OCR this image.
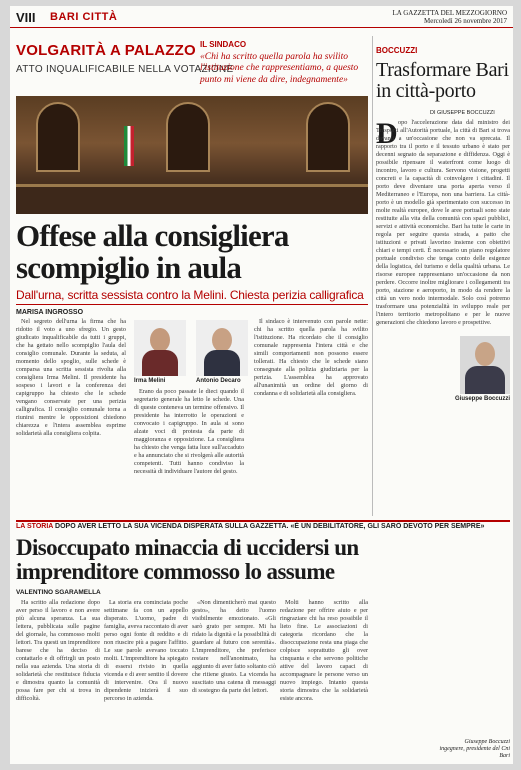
VIII BARI CITTÀ	LA GAZZETTA DEL MEZZOGIORNO
Mercoledì 26 novembre 2017
VOLGARITÀ A PALAZZO
ATTO INQUALIFICABILE NELLA VOTAZIONE
IL SINDACO
«Chi ha scritto quella parola ha svilito l'istituzione che rappresentiamo, a questo punto mi viene da dire, indegnamente»
Offese alla consigliera scompiglio in aula
Dall'urna, scritta sessista contro la Melini. Chiesta perizia calligrafica
MARISA INGROSSO

Nel segreto dell'urna la firma che ha ridotto il voto a uno sfregio. Un gesto giudicato inqualificabile da tutti i gruppi, che ha gettato nello scompiglio l'aula del consiglio comunale. Durante la seduta, al momento dello spoglio, sulle schede è comparsa una scritta sessista rivolta alla consigliera Irma Melini. Il presidente ha sospeso i lavori e la conferenza dei capigruppo ha chiesto che le schede vengano conservate per una perizia calligrafica. Il consiglio comunale torna a riunirsi mentre le opposizioni chiedono chiarezza e l'intera assemblea esprime solidarietà alla consigliera colpita.

Irma Melini

Erano da poco passate le dieci quando il segretario generale ha letto le schede. Una di queste conteneva un termine offensivo. Il presidente ha interrotto le operazioni e convocato i capigruppo. In aula si sono alzate voci di protesta da parte di maggioranza e opposizione. La consigliera ha chiesto che venga fatta luce sull'accaduto e ha annunciato che si rivolgerà alle autorità competenti. Tutti hanno condiviso la necessità di individuare l'autore del gesto.

Antonio Decaro

Il sindaco è intervenuto con parole nette: chi ha scritto quella parola ha svilito l'istituzione. Ha ricordato che il consiglio comunale rappresenta l'intera città e che simili comportamenti non possono essere tollerati. Ha chiesto che le schede siano consegnate alla polizia giudiziaria per la perizia. L'assemblea ha approvato all'unanimità un ordine del giorno di condanna e di solidarietà alla consigliera.

BOCCUZZI
Trasformare Bari in città-porto
DI GIUSEPPE BOCCUZZI
D opo l'accelerazione data dal ministro dei Trasporti all'Autorità portuale, la città di Bari si trova davanti a un'occasione che non va sprecata. Il rapporto tra il porto e il tessuto urbano è stato per decenni segnato da separazione e diffidenza. Oggi è possibile ripensare il waterfront come luogo di incontro, lavoro e cultura. Servono visione, progetti concreti e la capacità di coinvolgere i cittadini. Il porto deve diventare una porta aperta verso il Mediterraneo e l'Europa, non una barriera. La città-porto è un modello già sperimentato con successo in molte realtà europee, dove le aree portuali sono state restituite alla vita della comunità con spazi pubblici, servizi e attività economiche. Bari ha tutte le carte in regola per seguire questa strada, a patto che istituzioni e privati lavorino insieme con obiettivi chiari e tempi certi. È necessario un piano regolatore portuale condiviso che tenga conto delle esigenze della logistica, del turismo e della qualità urbana. Le risorse europee rappresentano un'occasione da non perdere. Occorre inoltre migliorare i collegamenti tra porto, stazione e aeroporto, in modo da rendere la città un vero nodo intermodale. Solo così potremo trasformare una potenzialità in sviluppo reale per l'intero territorio metropolitano e per le nuove generazioni che chiedono lavoro e prospettive.

Giuseppe Boccuzzi
LA STORIA DOPO AVER LETTO LA SUA VICENDA DISPERATA SULLA GAZZETTA. «È UN DEBILITATORE, GLI SARÒ DEVOTO PER SEMPRE»
Disoccupato minaccia di uccidersi un imprenditore commosso lo assume
VALENTINO SGARAMELLA

Ha scritto alla redazione dopo aver perso il lavoro e non avere più alcuna speranza. La sua lettera, pubblicata sulle pagine del giornale, ha commosso molti lettori. Tra questi un imprenditore barese che ha deciso di contattarlo e di offrirgli un posto nella sua azienda. Una storia di solidarietà che restituisce fiducia e dimostra quanto la comunità possa fare per chi si trova in difficoltà.

La storia era cominciata poche settimane fa con un appello disperato. L'uomo, padre di famiglia, aveva raccontato di aver perso ogni fonte di reddito e di non riuscire più a pagare l'affitto. Le sue parole avevano toccato molti. L'imprenditore ha spiegato di essersi rivisto in quella vicenda e di aver sentito il dovere di intervenire. Ora il nuovo dipendente inizierà il suo percorso in azienda.

«Non dimenticherò mai questo gesto», ha detto l'uomo visibilmente emozionato. «Gli sarò grato per sempre. Mi ha ridato la dignità e la possibilità di guardare al futuro con serenità». L'imprenditore, che preferisce restare nell'anonimato, ha aggiunto di aver fatto soltanto ciò che ritiene giusto. La vicenda ha suscitato una catena di messaggi di sostegno da parte dei lettori.

Molti hanno scritto alla redazione per offrire aiuto e per ringraziare chi ha reso possibile il lieto fine. Le associazioni di categoria ricordano che la disoccupazione resta una piaga che colpisce soprattutto gli over cinquanta e che servono politiche attive del lavoro capaci di accompagnare le persone verso un nuovo impiego. Intanto questa storia dimostra che la solidarietà esiste ancora.

Giuseppe Boccuzzi
ingegnere, presidente del Cni Bari
